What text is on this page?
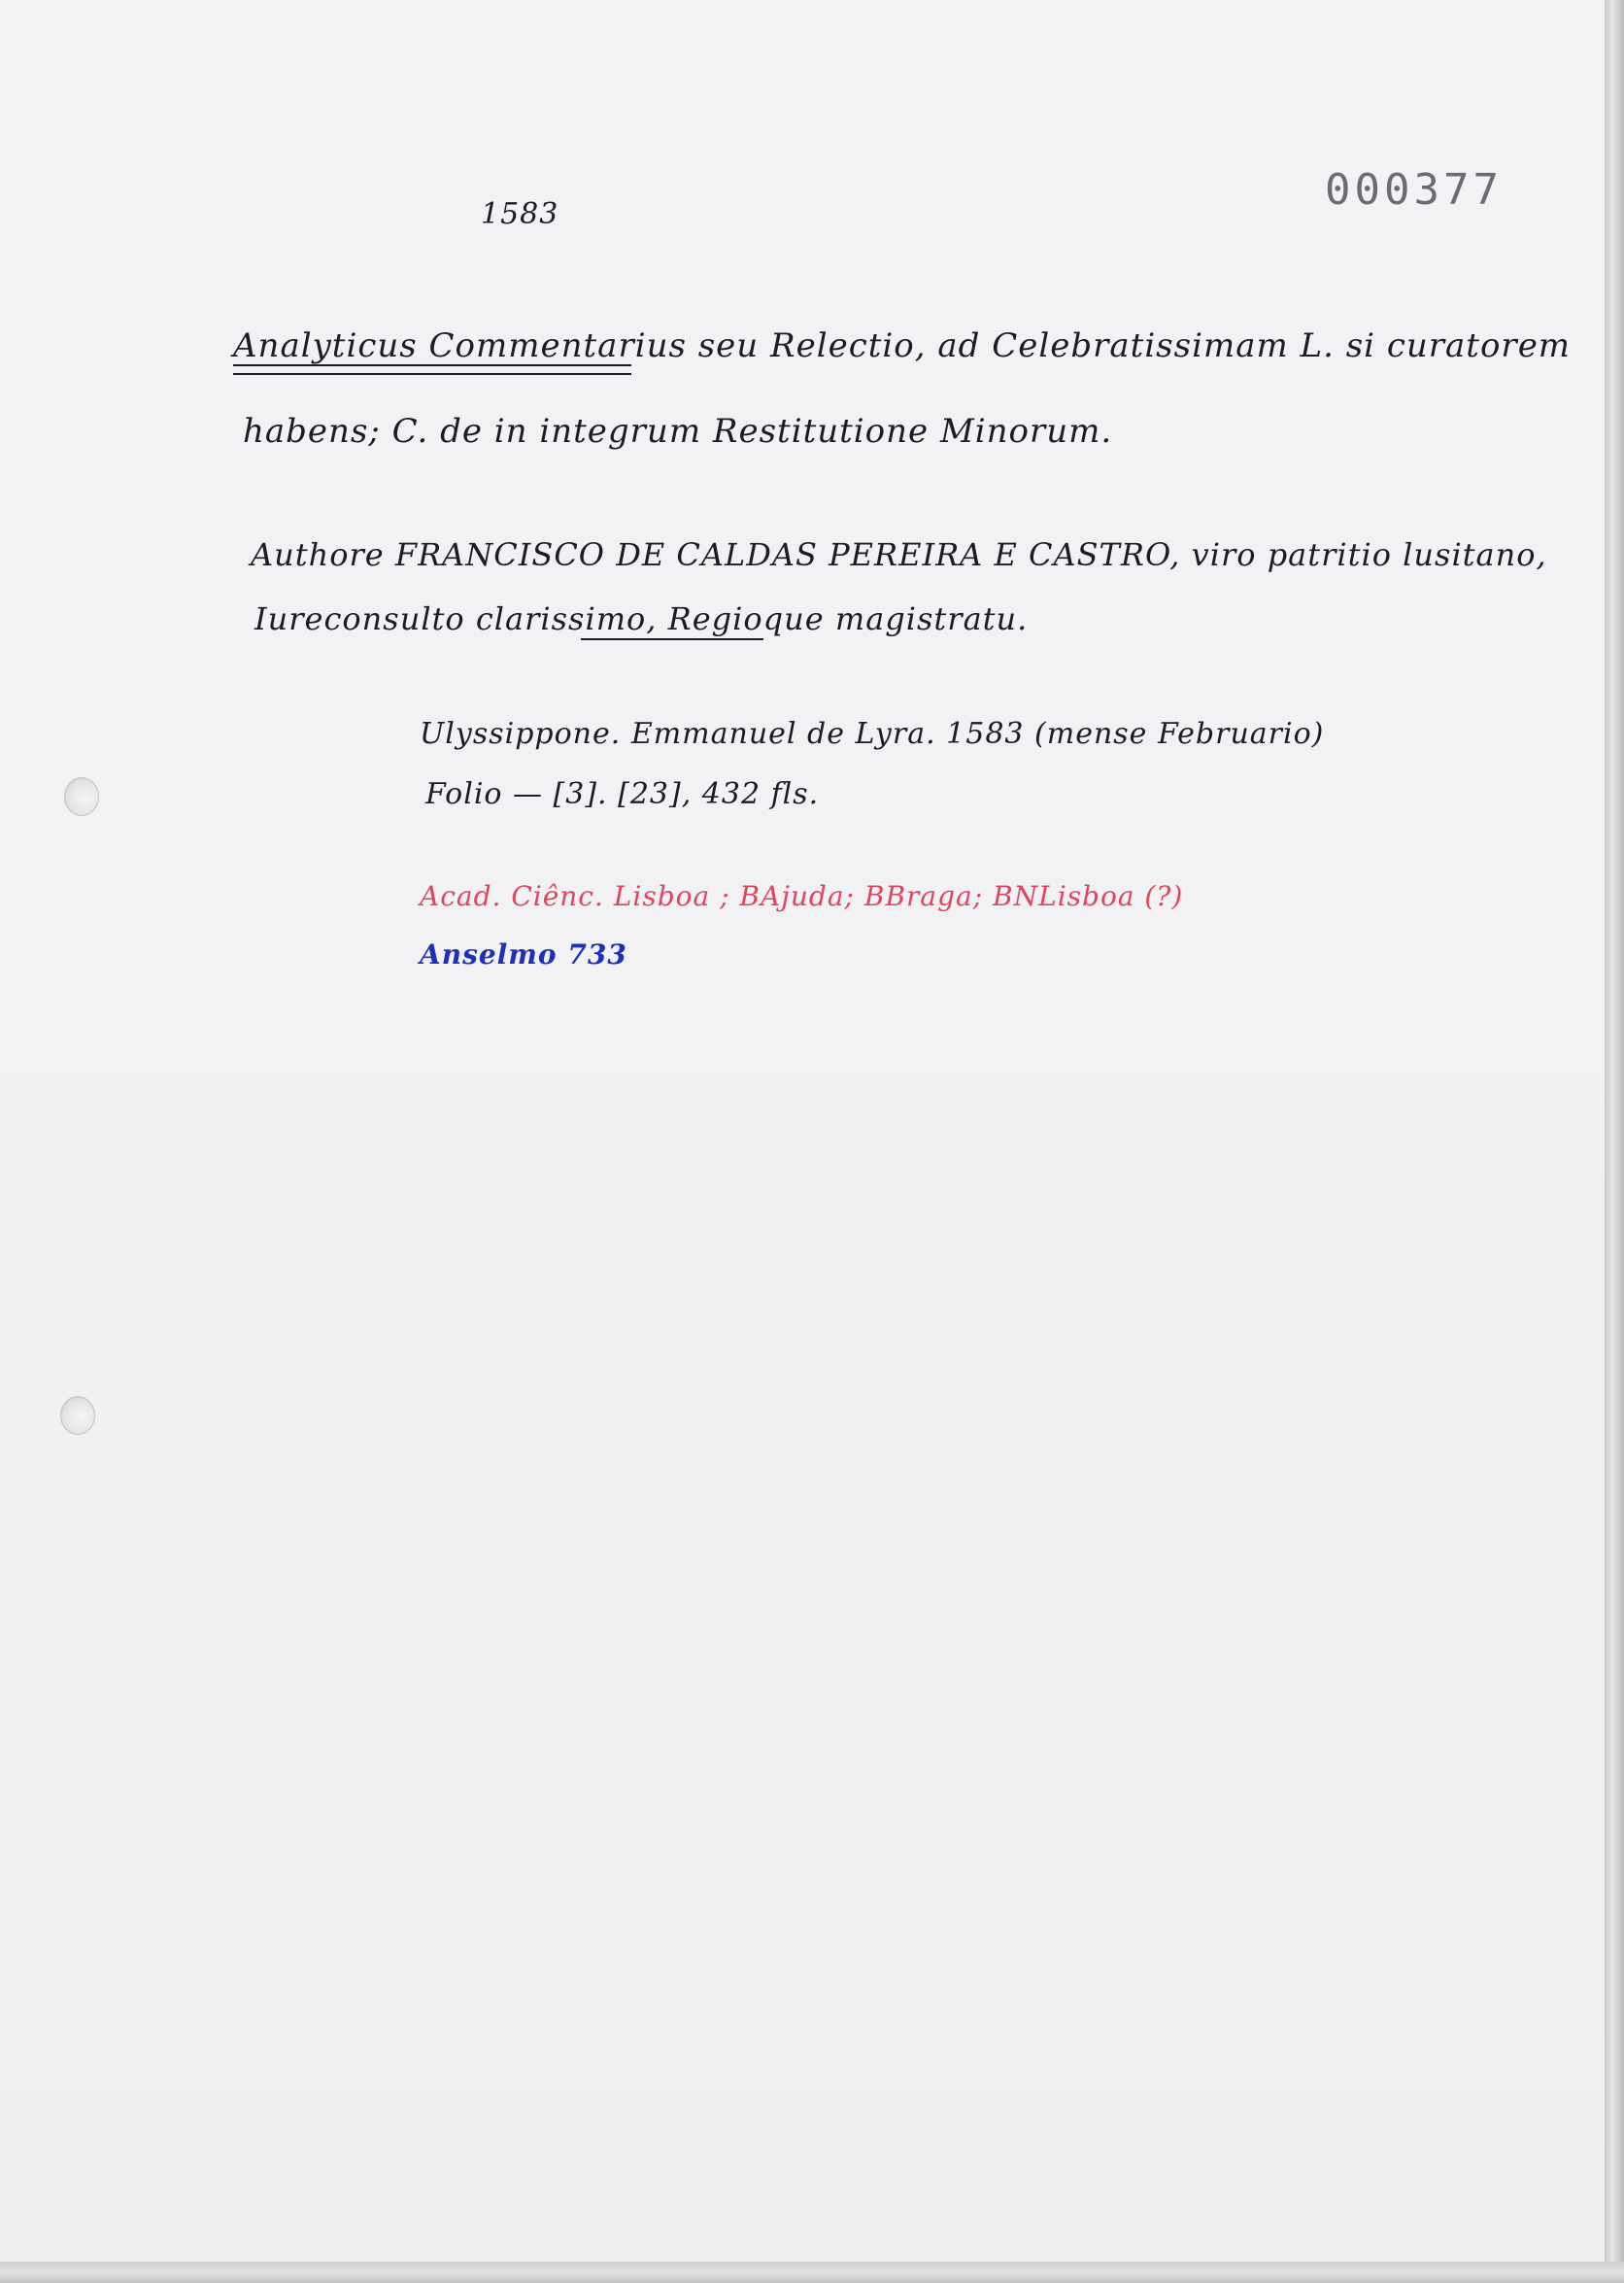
1583	000377
Analyticus Commentarius seu Relectio, ad Celebratissimam L. si curatorem
habens; C. de in integrum Restitutione Minorum.
Authore FRANCISCO DE CALDAS PEREIRA E CASTRO, viro patritio lusitano,
Iureconsulto clarissimo, Regioque magistratu.
Ulyssippone. Emmanuel de Lyra. 1583 (mense Februario)
Folio — [3]. [23], 432 fls.
Acad. Ciênc. Lisboa ; BAjuda; BBraga; BNLisboa (?)
Anselmo 733
